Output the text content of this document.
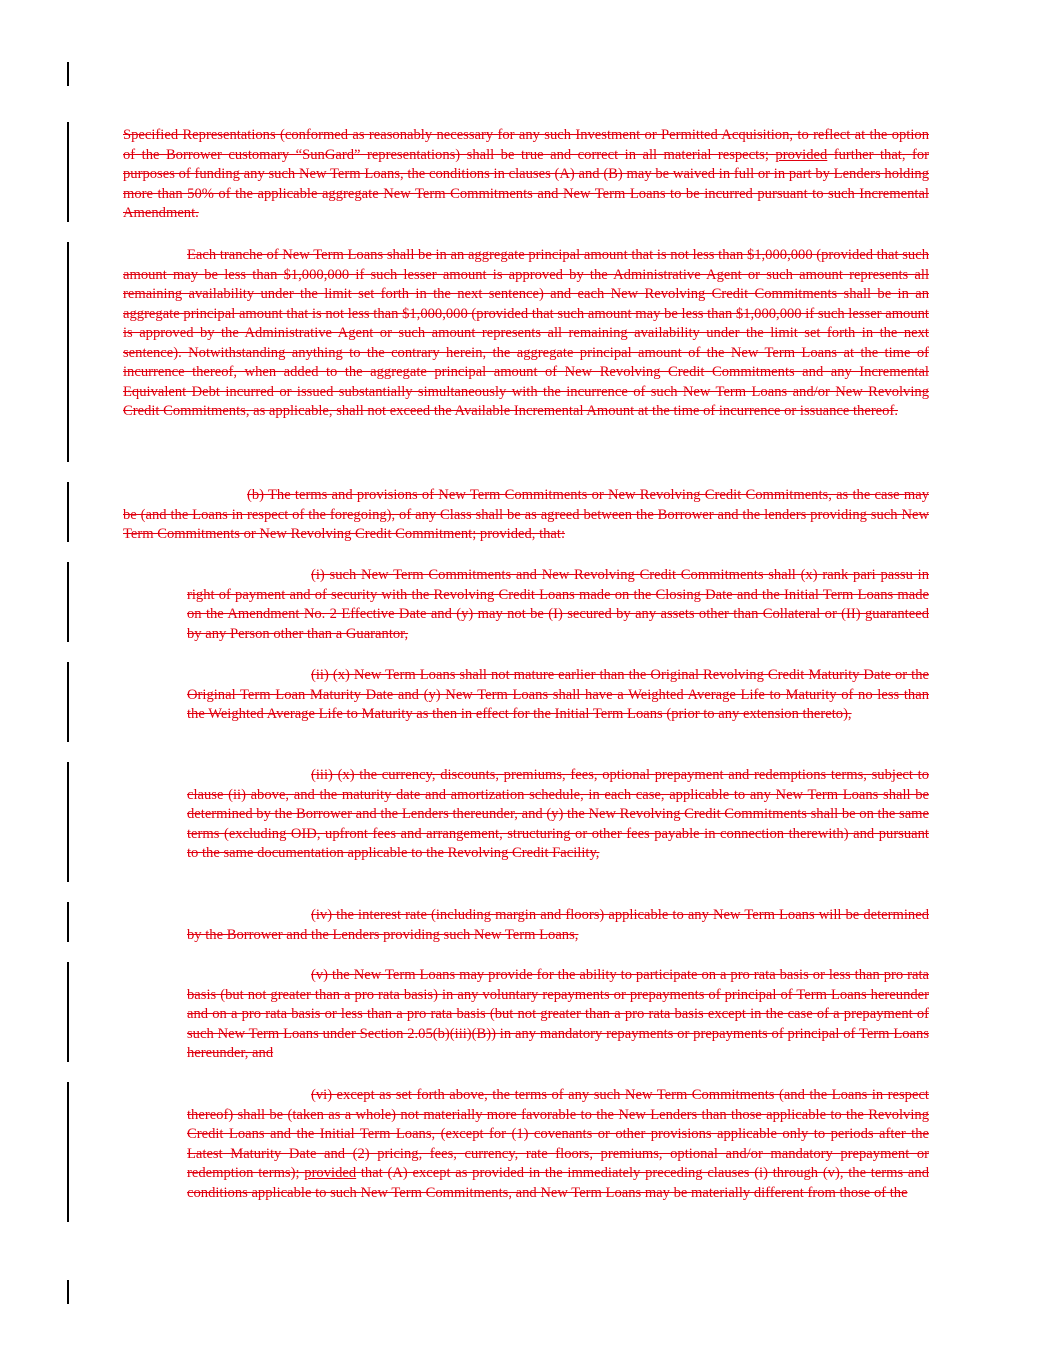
Specified Representations (conformed as reasonably necessary for any such Investment or Permitted Acquisition, to reflect at the option of the Borrower customary “SunGard” representations) shall be true and correct in all material respects; provided further that, for purposes of funding any such New Term Loans, the conditions in clauses (A) and (B) may be waived in full or in part by Lenders holding more than 50% of the applicable aggregate New Term Commitments and New Term Loans to be incurred pursuant to such Incremental Amendment.

Each tranche of New Term Loans shall be in an aggregate principal amount that is not less than $1,000,000 (provided that such amount may be less than $1,000,000 if such lesser amount is approved by the Administrative Agent or such amount represents all remaining availability under the limit set forth in the next sentence) and each New Revolving Credit Commitments shall be in an aggregate principal amount that is not less than $1,000,000 (provided that such amount may be less than $1,000,000 if such lesser amount is approved by the Administrative Agent or such amount represents all remaining availability under the limit set forth in the next sentence). Notwithstanding anything to the contrary herein, the aggregate principal amount of the New Term Loans at the time of incurrence thereof, when added to the aggregate principal amount of New Revolving Credit Commitments and any Incremental Equivalent Debt incurred or issued substantially simultaneously with the incurrence of such New Term Loans and/or New Revolving Credit Commitments, as applicable, shall not exceed the Available Incremental Amount at the time of incurrence or issuance thereof.

(b) The terms and provisions of New Term Commitments or New Revolving Credit Commitments, as the case may be (and the Loans in respect of the foregoing), of any Class shall be as agreed between the Borrower and the lenders providing such New Term Commitments or New Revolving Credit Commitment; provided, that:

(i) such New Term Commitments and New Revolving Credit Commitments shall (x) rank pari passu in right of payment and of security with the Revolving Credit Loans made on the Closing Date and the Initial Term Loans made on the Amendment No. 2 Effective Date and (y) may not be (I) secured by any assets other than Collateral or (II) guaranteed by any Person other than a Guarantor,

(ii) (x) New Term Loans shall not mature earlier than the Original Revolving Credit Maturity Date or the Original Term Loan Maturity Date and (y) New Term Loans shall have a Weighted Average Life to Maturity of no less than the Weighted Average Life to Maturity as then in effect for the Initial Term Loans (prior to any extension thereto),

(iii) (x) the currency, discounts, premiums, fees, optional prepayment and redemptions terms, subject to clause (ii) above, and the maturity date and amortization schedule, in each case, applicable to any New Term Loans shall be determined by the Borrower and the Lenders thereunder, and (y) the New Revolving Credit Commitments shall be on the same terms (excluding OID, upfront fees and arrangement, structuring or other fees payable in connection therewith) and pursuant to the same documentation applicable to the Revolving Credit Facility,

(iv) the interest rate (including margin and floors) applicable to any New Term Loans will be determined by the Borrower and the Lenders providing such New Term Loans,

(v) the New Term Loans may provide for the ability to participate on a pro rata basis or less than pro rata basis (but not greater than a pro rata basis) in any voluntary repayments or prepayments of principal of Term Loans hereunder and on a pro rata basis or less than a pro rata basis (but not greater than a pro rata basis except in the case of a prepayment of such New Term Loans under Section 2.05(b)(iii)(B)) in any mandatory repayments or prepayments of principal of Term Loans hereunder, and

(vi) except as set forth above, the terms of any such New Term Commitments (and the Loans in respect thereof) shall be (taken as a whole) not materially more favorable to the New Lenders than those applicable to the Revolving Credit Loans and the Initial Term Loans, (except for (1) covenants or other provisions applicable only to periods after the Latest Maturity Date and (2) pricing, fees, currency, rate floors, premiums, optional and/or mandatory prepayment or redemption terms); provided that (A) except as provided in the immediately preceding clauses (i) through (v), the terms and conditions applicable to such New Term Commitments, and New Term Loans may be materially different from those of the
